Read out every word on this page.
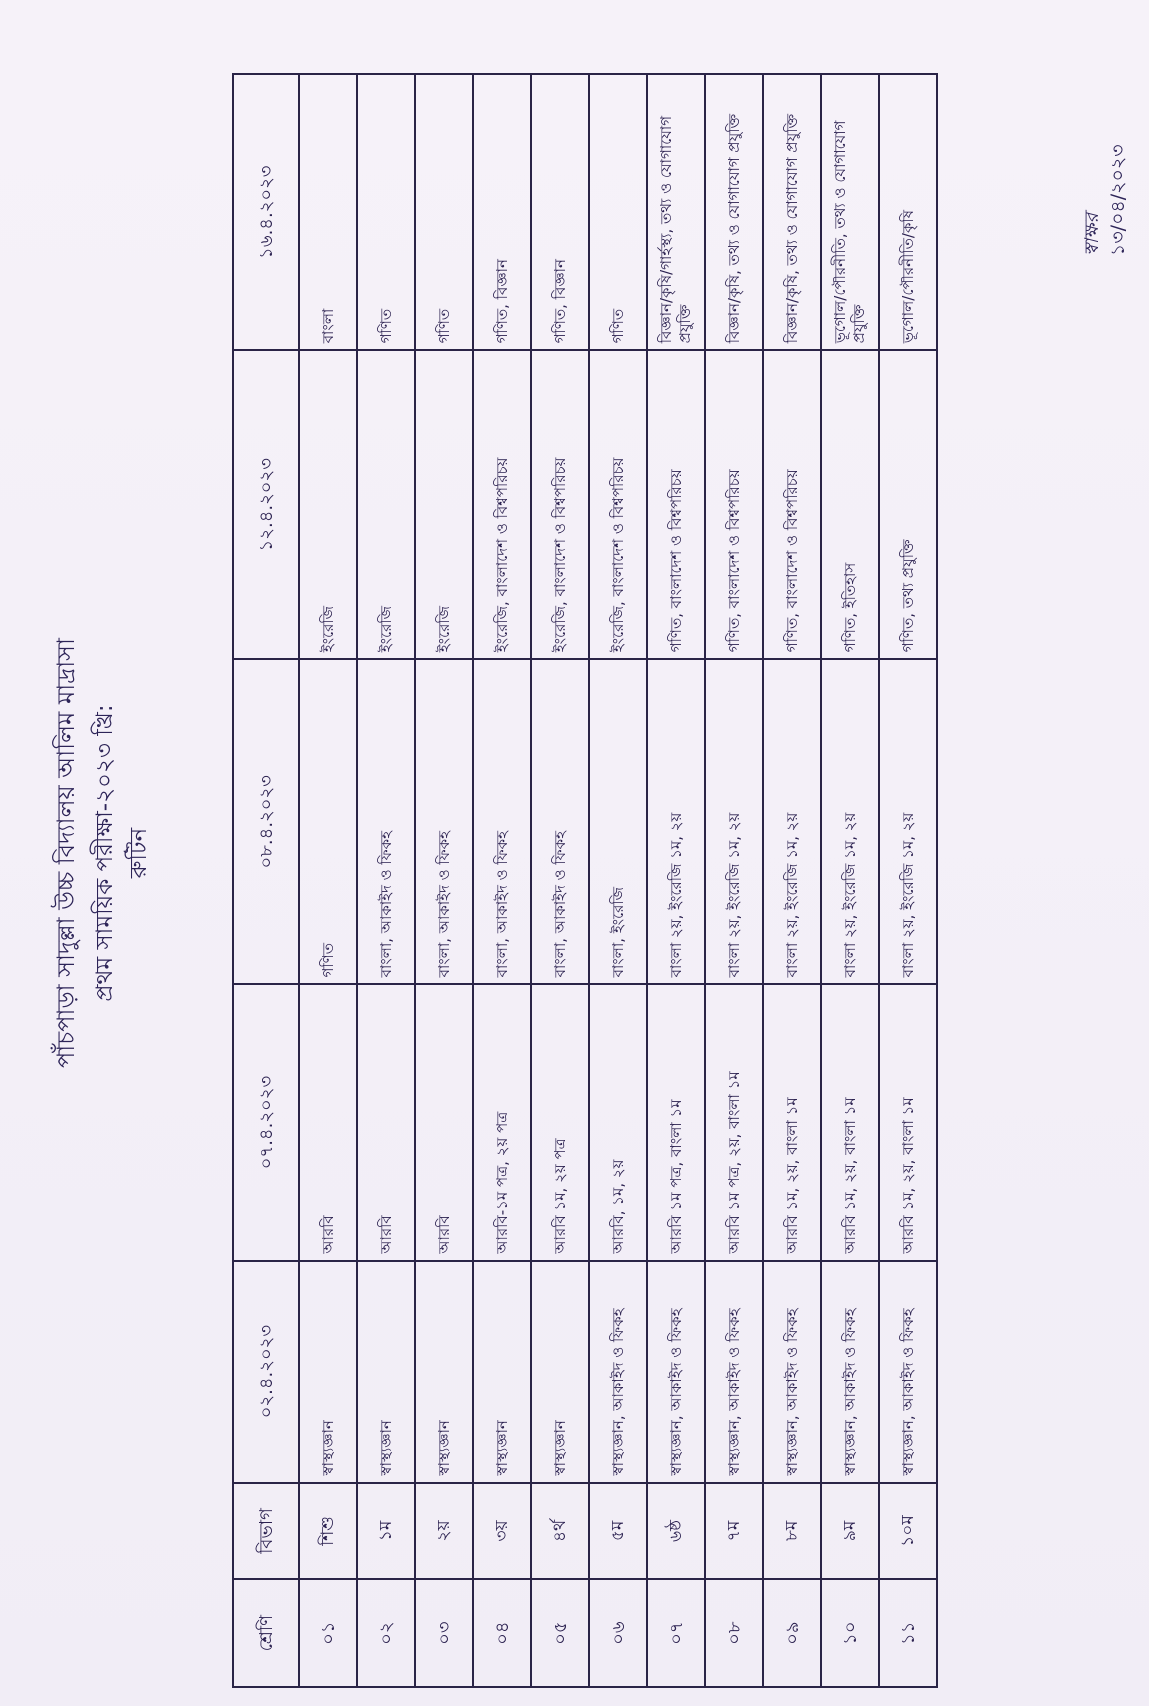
পাঁচপাড়া সাদুল্লা উচ্চ বিদ্যালয় আলিম মাদ্রাসা প্রথম সাময়িক পরীক্ষা-২০২৩ খ্রি: রুটিন
শ্রেণি	বিভাগ	০২.৪.২০২৩	০৭.৪.২০২৩	০৮.৪.২০২৩	১২.৪.২০২৩	১৬.৪.২০২৩
০১	শিশু	স্বাস্থ্যজ্ঞান	আরবি	গণিত	ইংরেজি	বাংলা
০২	১ম	স্বাস্থ্যজ্ঞান	আরবি	বাংলা, আকাইদ ও ফিকহ	ইংরেজি	গণিত
০৩	২য়	স্বাস্থ্যজ্ঞান	আরবি	বাংলা, আকাইদ ও ফিকহ	ইংরেজি	গণিত
০৪	৩য়	স্বাস্থ্যজ্ঞান	আরবি-১ম পত্র, ২য় পত্র	বাংলা, আকাইদ ও ফিকহ	ইংরেজি, বাংলাদেশ ও বিশ্বপরিচয়	গণিত, বিজ্ঞান
০৫	৪র্থ	স্বাস্থ্যজ্ঞান	আরবি ১ম, ২য় পত্র	বাংলা, আকাইদ ও ফিকহ	ইংরেজি, বাংলাদেশ ও বিশ্বপরিচয়	গণিত, বিজ্ঞান
০৬	৫ম	স্বাস্থ্যজ্ঞান, আকাইদ ও ফিকহ	আরবি, ১ম, ২য়	বাংলা, ইংরেজি	ইংরেজি, বাংলাদেশ ও বিশ্বপরিচয়	গণিত
০৭	৬ষ্ঠ	স্বাস্থ্যজ্ঞান, আকাইদ ও ফিকহ	আরবি ১ম পত্র, বাংলা ১ম	বাংলা ২য়, ইংরেজি ১ম, ২য়	গণিত, বাংলাদেশ ও বিশ্বপরিচয়	বিজ্ঞান/কৃষি/গার্হস্থ্য, তথ্য ও যোগাযোগ প্রযুক্তি
০৮	৭ম	স্বাস্থ্যজ্ঞান, আকাইদ ও ফিকহ	আরবি ১ম পত্র, ২য়, বাংলা ১ম	বাংলা ২য়, ইংরেজি ১ম, ২য়	গণিত, বাংলাদেশ ও বিশ্বপরিচয়	বিজ্ঞান/কৃষি, তথ্য ও যোগাযোগ প্রযুক্তি
০৯	৮ম	স্বাস্থ্যজ্ঞান, আকাইদ ও ফিকহ	আরবি ১ম, ২য়, বাংলা ১ম	বাংলা ২য়, ইংরেজি ১ম, ২য়	গণিত, বাংলাদেশ ও বিশ্বপরিচয়	বিজ্ঞান/কৃষি, তথ্য ও যোগাযোগ প্রযুক্তি
১০	৯ম	স্বাস্থ্যজ্ঞান, আকাইদ ও ফিকহ	আরবি ১ম, ২য়, বাংলা ১ম	বাংলা ২য়, ইংরেজি ১ম, ২য়	গণিত, ইতিহাস	ভূগোল/পৌরনীতি, তথ্য ও যোগাযোগ প্রযুক্তি
১১	১০ম	স্বাস্থ্যজ্ঞান, আকাইদ ও ফিকহ	আরবি ১ম, ২য়, বাংলা ১ম	বাংলা ২য়, ইংরেজি ১ম, ২য়	গণিত, তথ্য প্রযুক্তি	ভূগোল/পৌরনীতি/কৃষি	স্বাক্ষর ১৩/০৪/২০২৩
